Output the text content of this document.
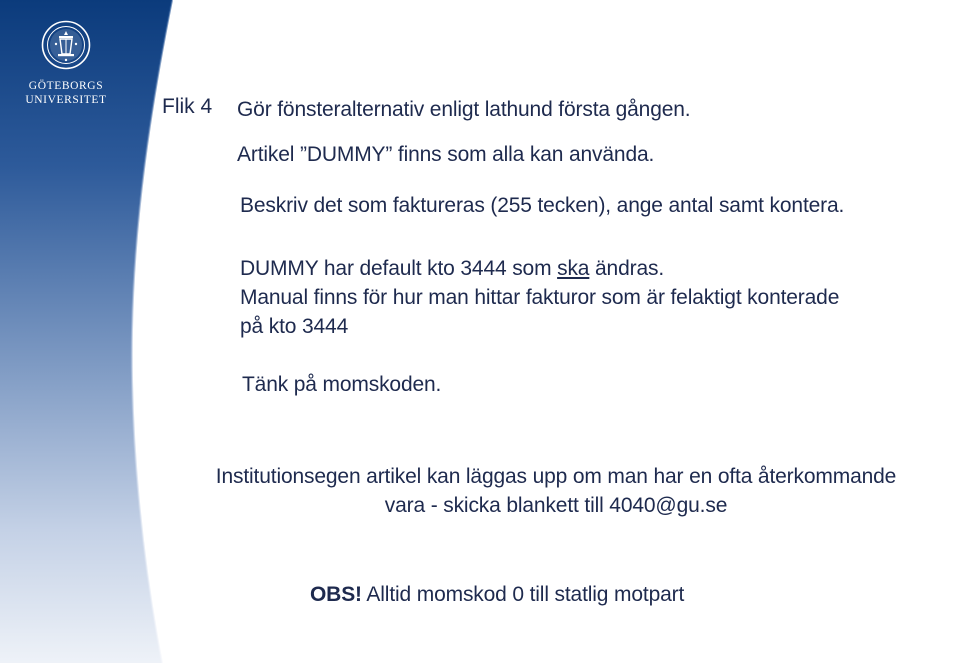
GÖTEBORGS
UNIVERSITET	Flik 4 Gör fönsteralternativ enligt lathund första gången.
Artikel ”DUMMY” finns som alla kan använda.
Beskriv det som faktureras (255 tecken), ange antal samt kontera.
DUMMY har default kto 3444 som ska ändras.
Manual finns för hur man hittar fakturor som är felaktigt konterade
på kto 3444
Tänk på momskoden.
Institutionsegen artikel kan läggas upp om man har en ofta återkommande
vara - skicka blankett till 4040@gu.se
OBS! Alltid momskod 0 till statlig motpart
